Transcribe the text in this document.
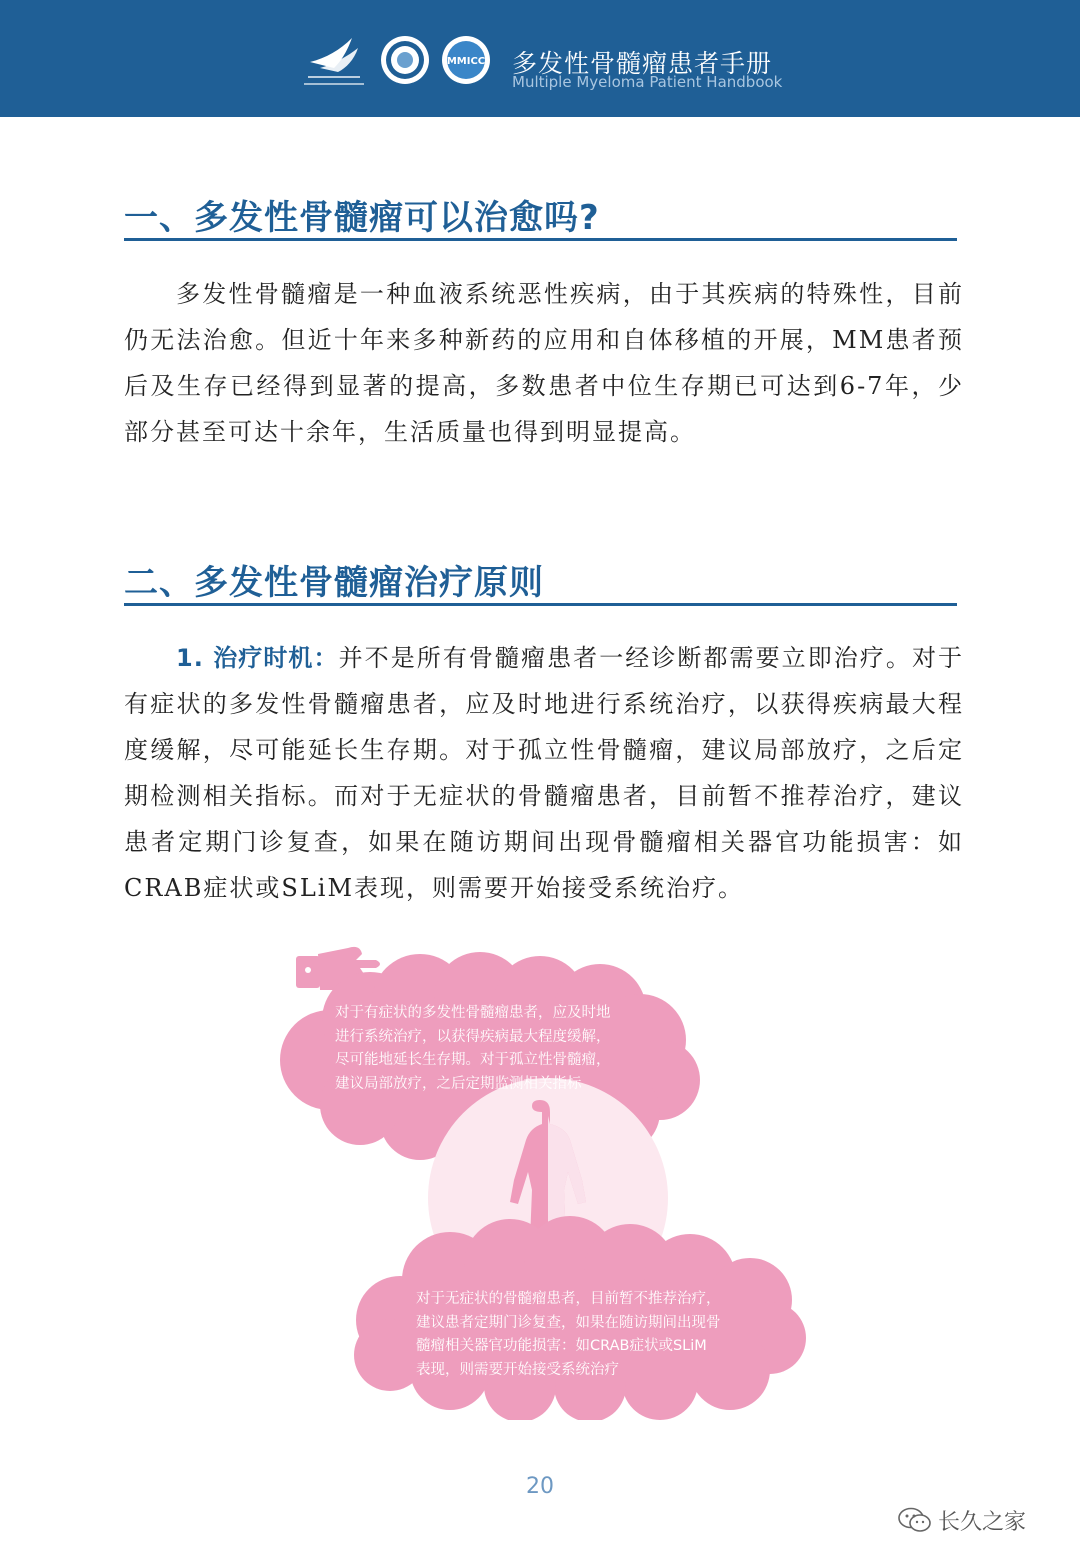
MMICC 多发性骨髓瘤患者手册
Multiple Myeloma Patient Handbook
一、多发性骨髓瘤可以治愈吗?

多发性骨髓瘤是一种血液系统恶性疾病，由于其疾病的特殊性，目前仍无法治愈。但近十年来多种新药的应用和自体移植的开展，MM患者预后及生存已经得到显著的提高，多数患者中位生存期已可达到6-7年，少部分甚至可达十余年，生活质量也得到明显提高。

二、多发性骨髓瘤治疗原则

1. 治疗时机：并不是所有骨髓瘤患者一经诊断都需要立即治疗。对于有症状的多发性骨髓瘤患者，应及时地进行系统治疗，以获得疾病最大程度缓解，尽可能延长生存期。对于孤立性骨髓瘤，建议局部放疗，之后定期检测相关指标。而对于无症状的骨髓瘤患者，目前暂不推荐治疗，建议患者定期门诊复查，如果在随访期间出现骨髓瘤相关器官功能损害：如CRAB症状或SLiM表现，则需要开始接受系统治疗。

对于有症状的多发性骨髓瘤患者，应及时地
进行系统治疗，以获得疾病最大程度缓解，
尽可能地延长生存期。对于孤立性骨髓瘤，
建议局部放疗，之后定期监测相关指标
对于无症状的骨髓瘤患者，目前暂不推荐治疗，
建议患者定期门诊复查，如果在随访期间出现骨
髓瘤相关器官功能损害：如CRAB症状或SLiM
表现，则需要开始接受系统治疗
20
长久之家
